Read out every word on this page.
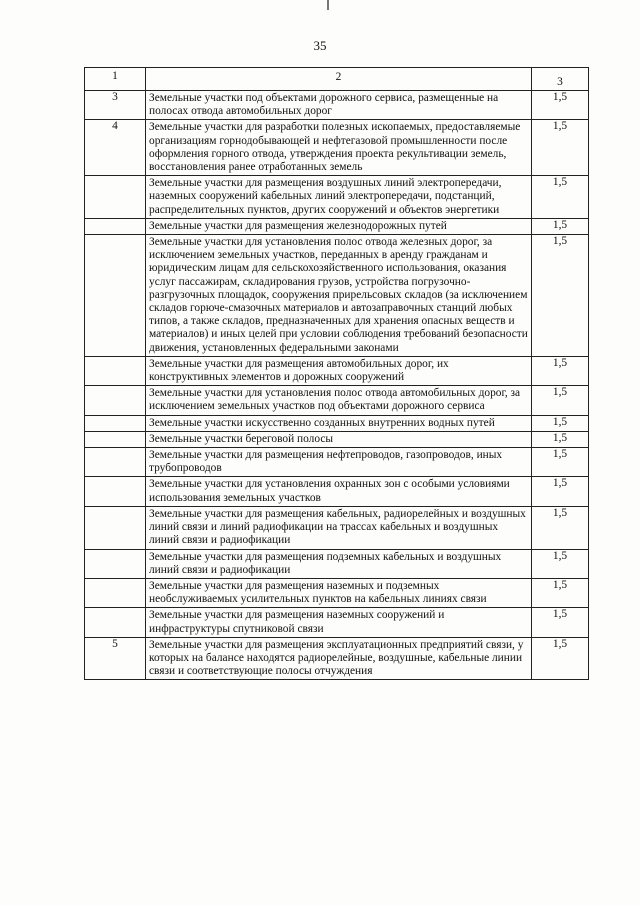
35
1	2	3
3	Земельные участки под объектами дорожного сервиса, размещенные на полосах отвода автомобильных дорог	1,5
4	Земельные участки для разработки полезных ископаемых, предоставляемые организациям горнодобывающей и нефтегазовой промышленности после оформления горного отвода, утверждения проекта рекультивации земель, восстановления ранее отработанных земель	1,5
	Земельные участки для размещения воздушных линий электропередачи, наземных сооружений кабельных линий электропередачи, подстанций, распределительных пунктов, других сооружений и объектов энергетики	1,5
	Земельные участки для размещения железнодорожных путей	1,5
	Земельные участки для установления полос отвода железных дорог, за исключением земельных участков, переданных в аренду гражданам и юридическим лицам для сельскохозяйственного использования, оказания услуг пассажирам, складирования грузов, устройства погрузочно-разгрузочных площадок, сооружения прирельсовых складов (за исключением складов горюче-смазочных материалов и автозаправочных станций любых типов, а также складов, предназначенных для хранения опасных веществ и материалов) и иных целей при условии соблюдения требований безопасности движения, установленных федеральными законами	1,5
	Земельные участки для размещения автомобильных дорог, их конструктивных элементов и дорожных сооружений	1,5
	Земельные участки для установления полос отвода автомобильных дорог, за исключением земельных участков под объектами дорожного сервиса	1,5
	Земельные участки искусственно созданных внутренних водных путей	1,5
	Земельные участки береговой полосы	1,5
	Земельные участки для размещения нефтепроводов, газопроводов, иных трубопроводов	1,5
	Земельные участки для установления охранных зон с особыми условиями использования земельных участков	1,5
	Земельные участки для размещения кабельных, радиорелейных и воздушных линий связи и линий радиофикации на трассах кабельных и воздушных линий связи и радиофикации	1,5
	Земельные участки для размещения подземных кабельных и воздушных линий связи и радиофикации	1,5
	Земельные участки для размещения наземных и подземных необслуживаемых усилительных пунктов на кабельных линиях связи	1,5
	Земельные участки для размещения наземных сооружений и инфраструктуры спутниковой связи	1,5
5	Земельные участки для размещения эксплуатационных предприятий связи, у которых на балансе находятся радиорелейные, воздушные, кабельные линии связи и соответствующие полосы отчуждения	1,5
